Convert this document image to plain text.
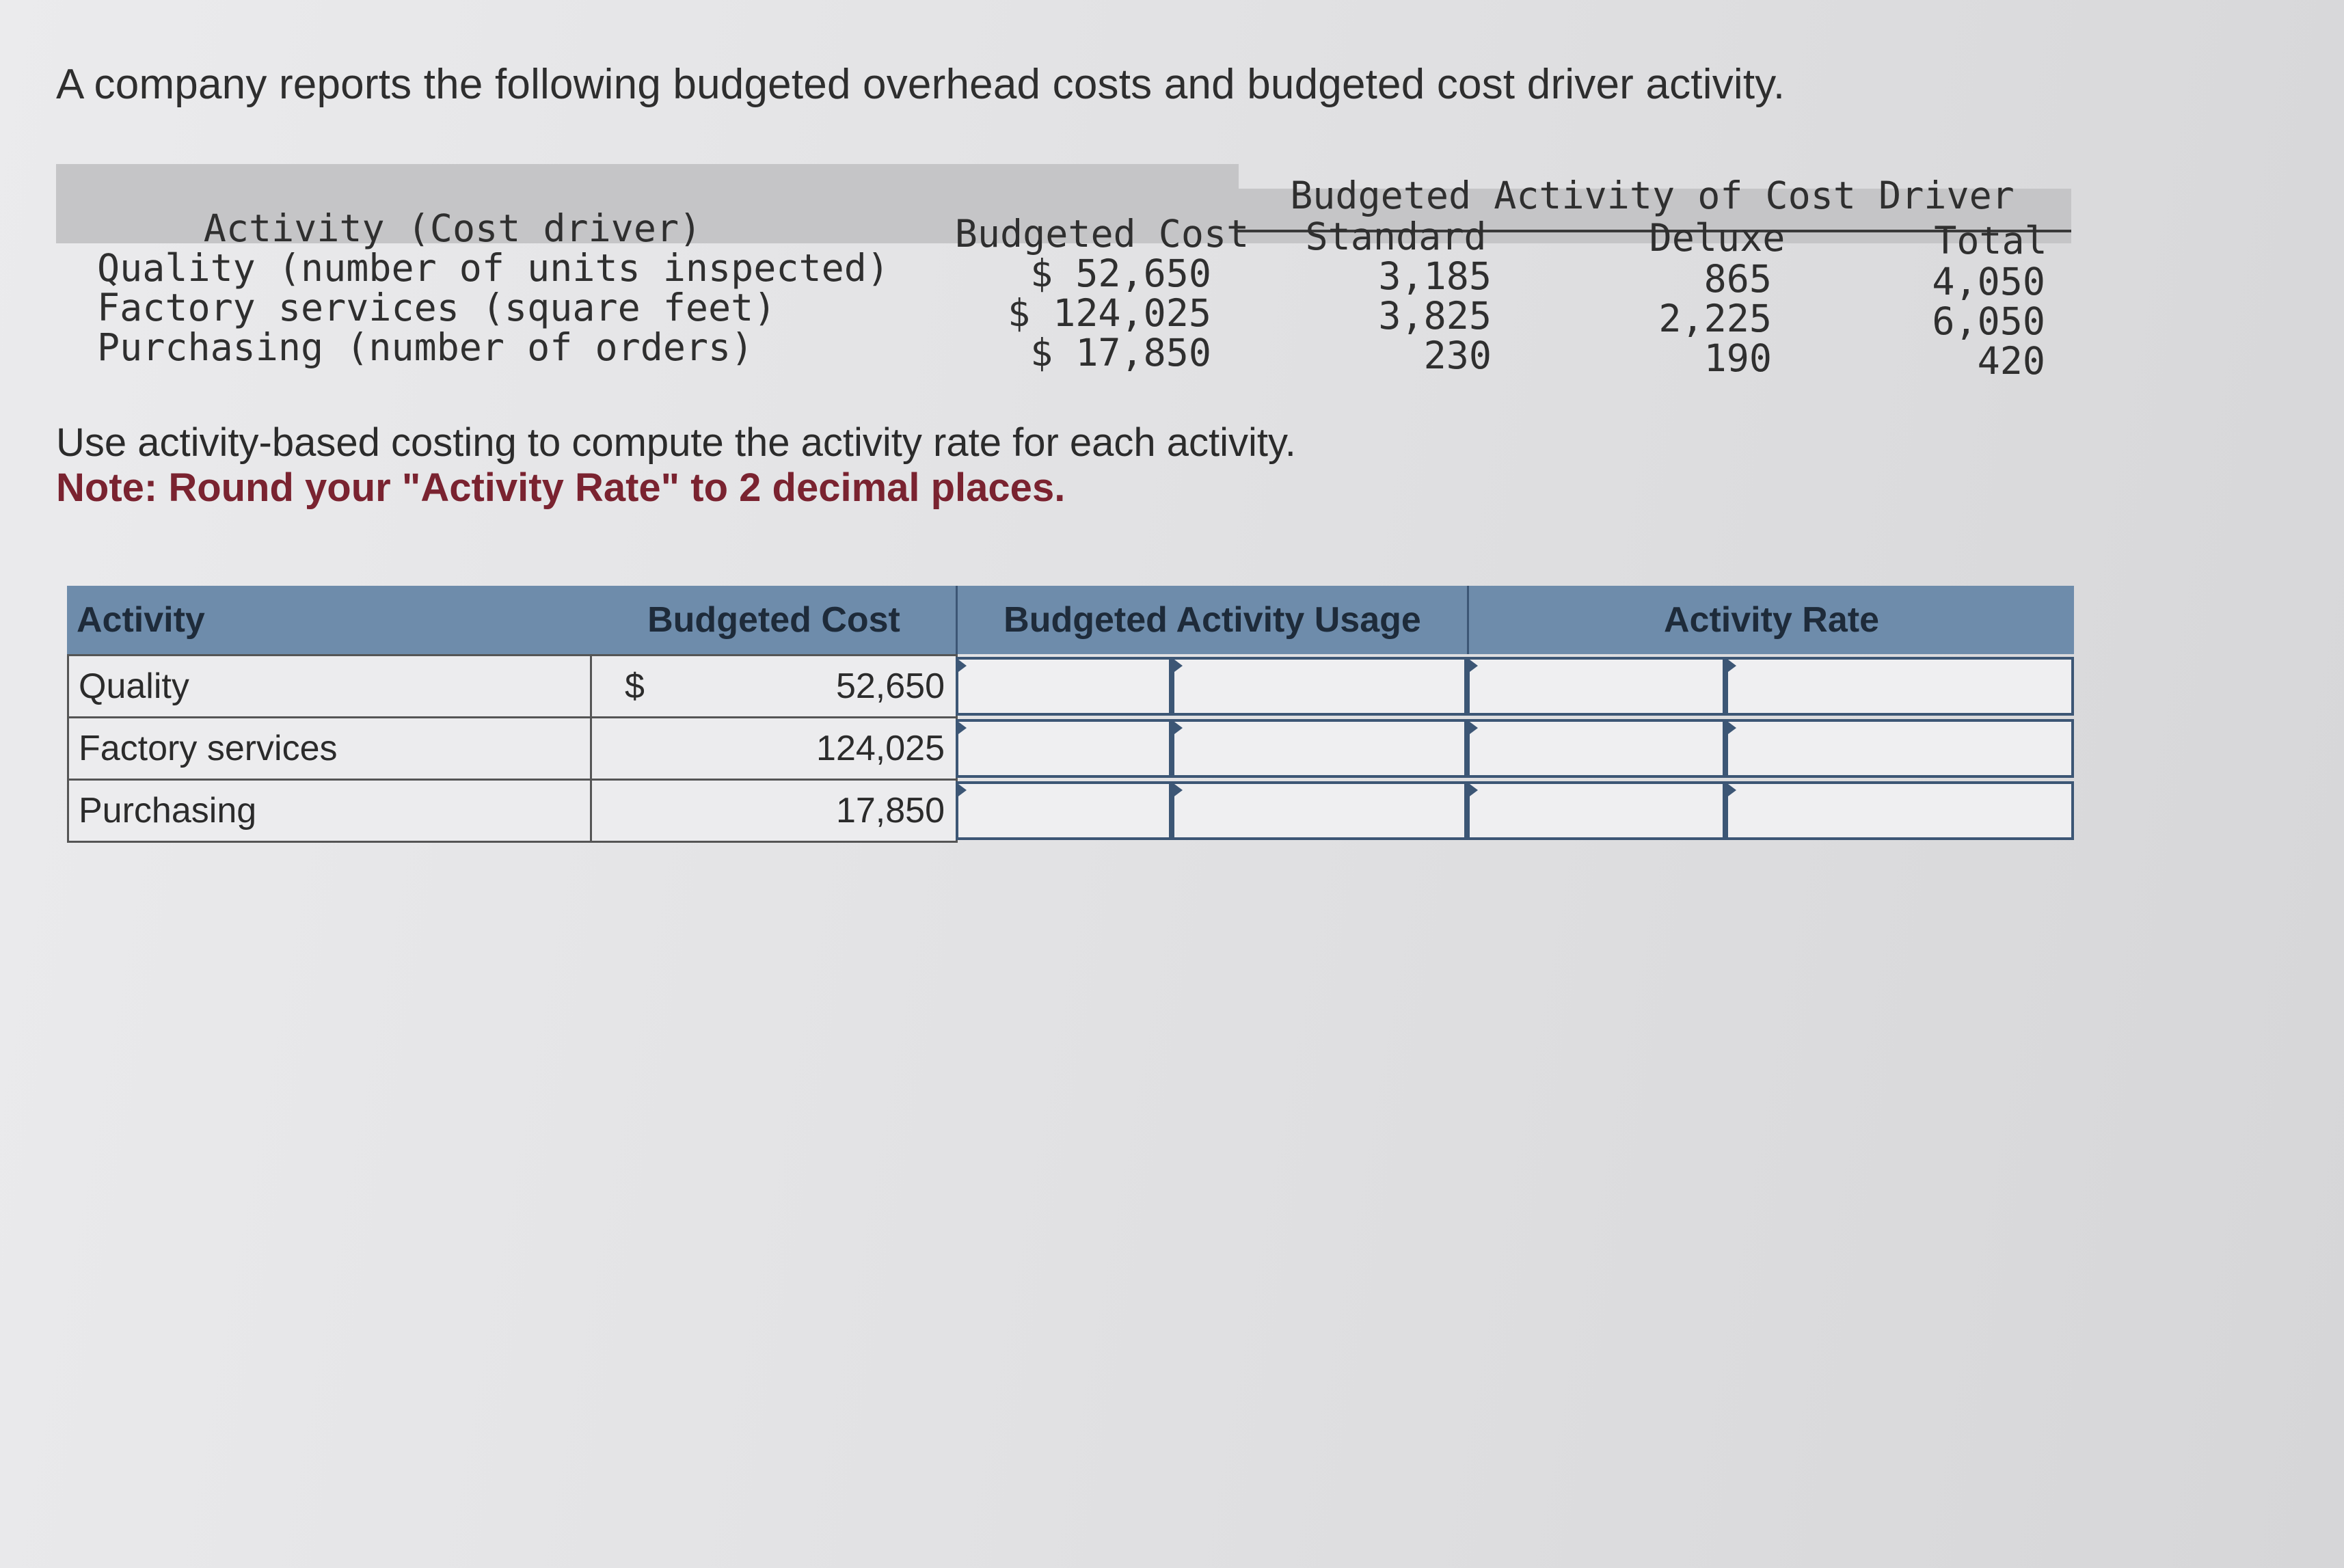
A company reports the following budgeted overhead costs and budgeted cost driver activity.
Activity (Cost driver)	Budgeted Cost
Budgeted Activity of Cost Driver
Standard	Deluxe	Total
Quality (number of units inspected)	$ 52,650	3,185	865	4,050
Factory services (square feet)	$ 124,025	3,825	2,225	6,050
Purchasing (number of orders)	$ 17,850	230	190	420
Use activity-based costing to compute the activity rate for each activity.
Note: Round your "Activity Rate" to 2 decimal places.
Activity	Budgeted Cost	Budgeted Activity Usage	Activity Rate
Quality	$	52,650
Factory services	124,025
Purchasing	17,850
